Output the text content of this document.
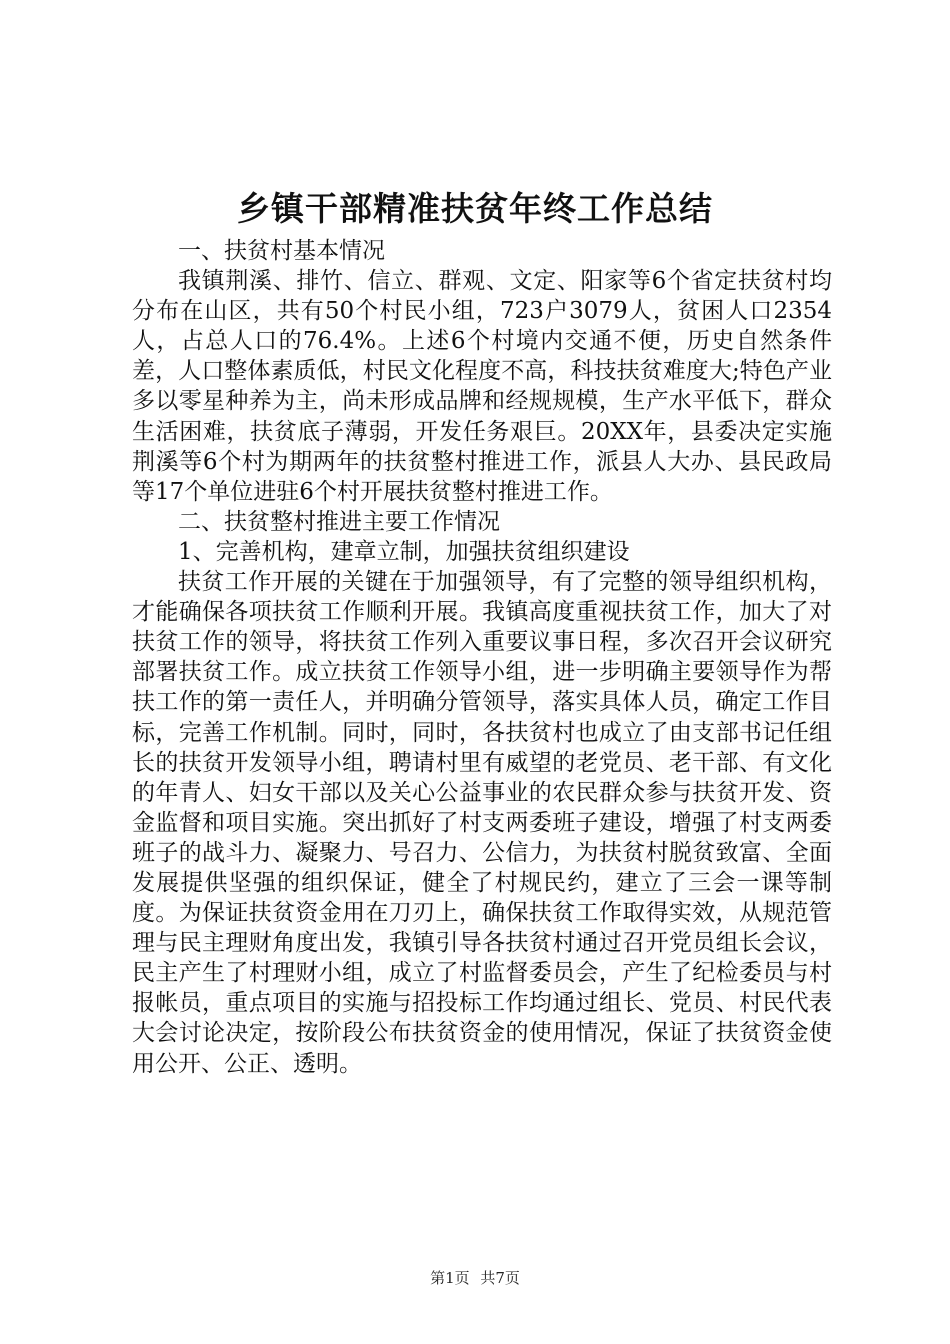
乡镇干部精准扶贫年终工作总结

一、扶贫村基本情况

我镇荆溪、排竹、信立、群观、文定、阳家等6个省定扶贫村均分布在山区，共有50个村民小组，723户3079人，贫困人口2354人，占总人口的76.4%。上述6个村境内交通不便，历史自然条件差，人口整体素质低，村民文化程度不高，科技扶贫难度大;特色产业多以零星种养为主，尚未形成品牌和经规规模，生产水平低下，群众生活困难，扶贫底子薄弱，开发任务艰巨。20XX年，县委决定实施荆溪等6个村为期两年的扶贫整村推进工作，派县人大办、县民政局等17个单位进驻6个村开展扶贫整村推进工作。

二、扶贫整村推进主要工作情况

1、完善机构，建章立制，加强扶贫组织建设

扶贫工作开展的关键在于加强领导，有了完整的领导组织机构，才能确保各项扶贫工作顺利开展。我镇高度重视扶贫工作，加大了对扶贫工作的领导，将扶贫工作列入重要议事日程，多次召开会议研究部署扶贫工作。成立扶贫工作领导小组，进一步明确主要领导作为帮扶工作的第一责任人，并明确分管领导，落实具体人员，确定工作目标，完善工作机制。同时，同时，各扶贫村也成立了由支部书记任组长的扶贫开发领导小组，聘请村里有威望的老党员、老干部、有文化的年青人、妇女干部以及关心公益事业的农民群众参与扶贫开发、资金监督和项目实施。突出抓好了村支两委班子建设，增强了村支两委班子的战斗力、凝聚力、号召力、公信力，为扶贫村脱贫致富、全面发展提供坚强的组织保证，健全了村规民约，建立了三会一课等制度。为保证扶贫资金用在刀刃上，确保扶贫工作取得实效，从规范管理与民主理财角度出发，我镇引导各扶贫村通过召开党员组长会议，民主产生了村理财小组，成立了村监督委员会，产生了纪检委员与村报帐员，重点项目的实施与招投标工作均通过组长、党员、村民代表大会讨论决定，按阶段公布扶贫资金的使用情况，保证了扶贫资金使用公开、公正、透明。

第1页 共7页
